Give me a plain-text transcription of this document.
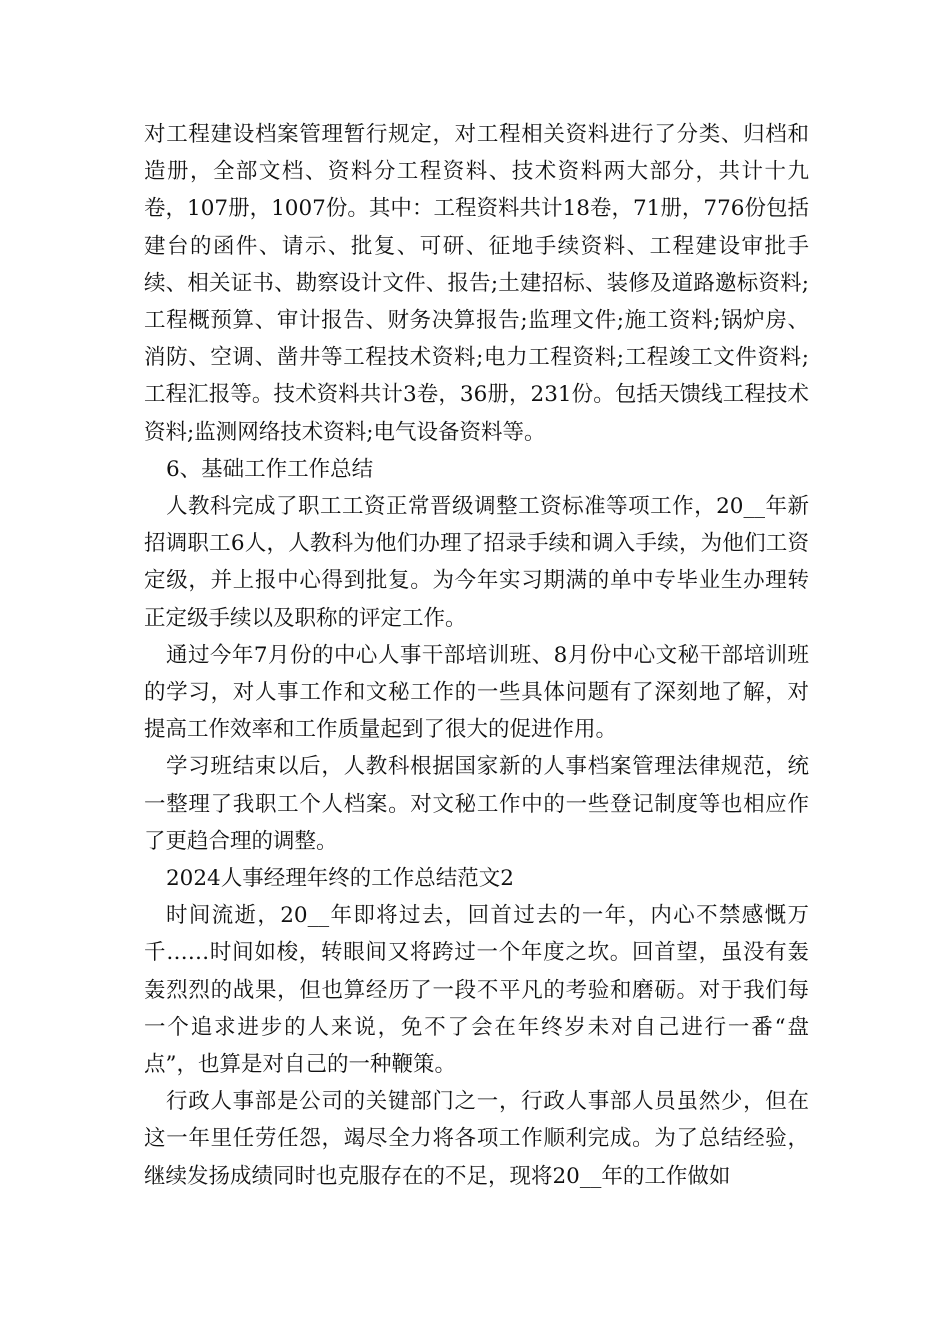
对工程建设档案管理暂行规定，对工程相关资料进行了分类、归档和造册，全部文档、资料分工程资料、技术资料两大部分，共计十九卷，107册，1007份。其中：工程资料共计18卷，71册，776份包括建台的函件、请示、批复、可研、征地手续资料、工程建设审批手续、相关证书、勘察设计文件、报告;土建招标、装修及道路邀标资料;工程概预算、审计报告、财务决算报告;监理文件;施工资料;锅炉房、消防、空调、凿井等工程技术资料;电力工程资料;工程竣工文件资料;工程汇报等。技术资料共计3卷，36册，231份。包括天馈线工程技术资料;监测网络技术资料;电气设备资料等。

6、基础工作工作总结

人教科完成了职工工资正常晋级调整工资标准等项工作，20__年新招调职工6人，人教科为他们办理了招录手续和调入手续，为他们工资定级，并上报中心得到批复。为今年实习期满的单中专毕业生办理转正定级手续以及职称的评定工作。

通过今年7月份的中心人事干部培训班、8月份中心文秘干部培训班的学习，对人事工作和文秘工作的一些具体问题有了深刻地了解，对提高工作效率和工作质量起到了很大的促进作用。

学习班结束以后，人教科根据国家新的人事档案管理法律规范，统一整理了我职工个人档案。对文秘工作中的一些登记制度等也相应作了更趋合理的调整。

2024人事经理年终的工作总结范文2

时间流逝，20__年即将过去，回首过去的一年，内心不禁感慨万千……时间如梭，转眼间又将跨过一个年度之坎。回首望，虽没有轰轰烈烈的战果，但也算经历了一段不平凡的考验和磨砺。对于我们每一个追求进步的人来说，免不了会在年终岁未对自己进行一番“盘点”，也算是对自己的一种鞭策。

行政人事部是公司的关键部门之一，行政人事部人员虽然少，但在这一年里任劳任怨，竭尽全力将各项工作顺利完成。为了总结经验，继续发扬成绩同时也克服存在的不足，现将20__年的工作做如
